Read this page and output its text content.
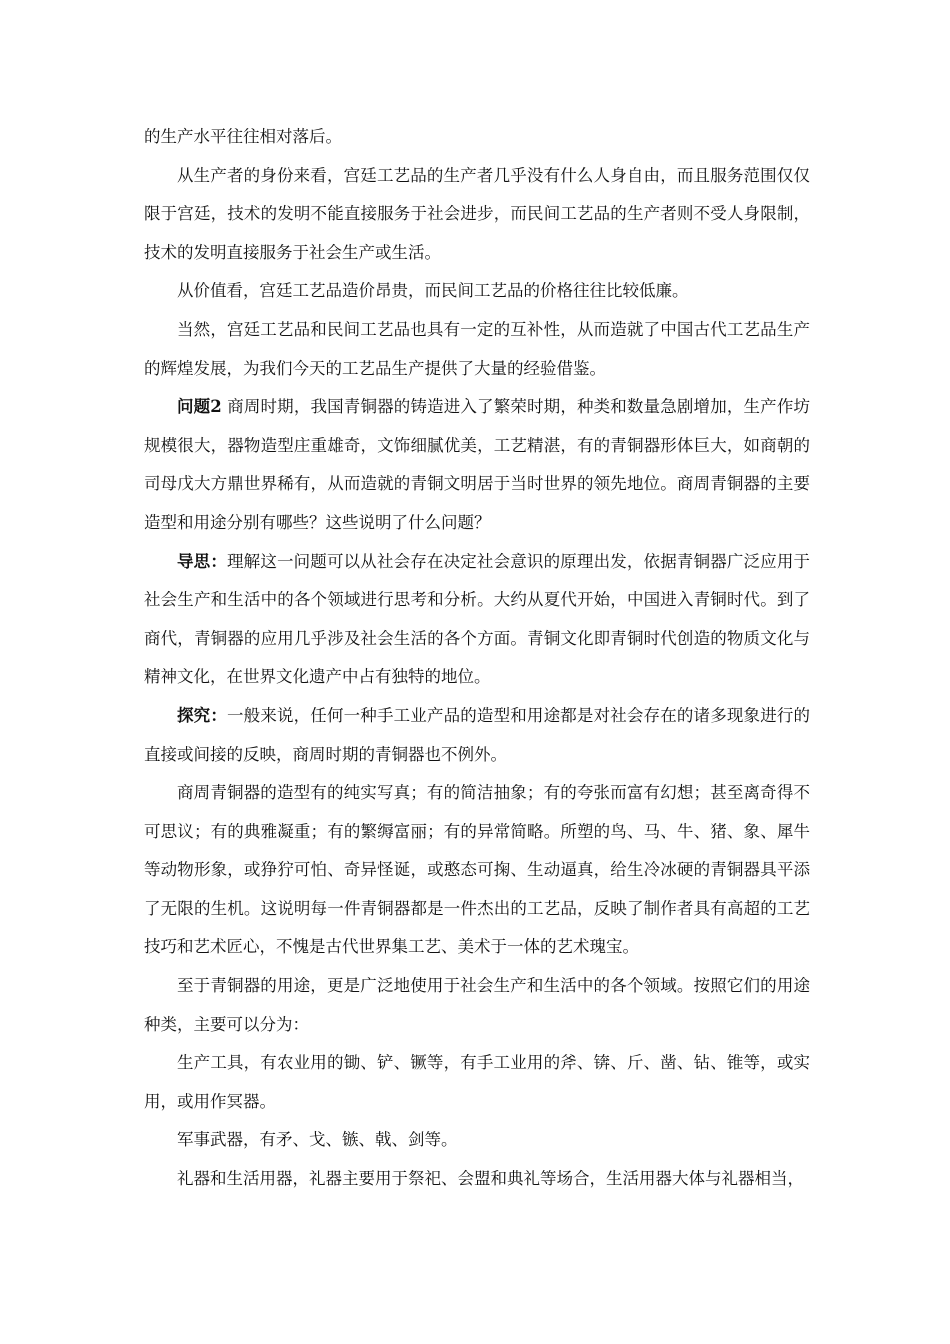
的生产水平往往相对落后。

从生产者的身份来看，宫廷工艺品的生产者几乎没有什么人身自由，而且服务范围仅仅限于宫廷，技术的发明不能直接服务于社会进步，而民间工艺品的生产者则不受人身限制，技术的发明直接服务于社会生产或生活。

从价值看，宫廷工艺品造价昂贵，而民间工艺品的价格往往比较低廉。

当然，宫廷工艺品和民间工艺品也具有一定的互补性，从而造就了中国古代工艺品生产的辉煌发展，为我们今天的工艺品生产提供了大量的经验借鉴。

问题2 商周时期，我国青铜器的铸造进入了繁荣时期，种类和数量急剧增加，生产作坊规模很大，器物造型庄重雄奇，文饰细腻优美，工艺精湛，有的青铜器形体巨大，如商朝的司母戊大方鼎世界稀有，从而造就的青铜文明居于当时世界的领先地位。商周青铜器的主要造型和用途分别有哪些？这些说明了什么问题？

导思：理解这一问题可以从社会存在决定社会意识的原理出发，依据青铜器广泛应用于社会生产和生活中的各个领域进行思考和分析。大约从夏代开始，中国进入青铜时代。到了商代，青铜器的应用几乎涉及社会生活的各个方面。青铜文化即青铜时代创造的物质文化与精神文化，在世界文化遗产中占有独特的地位。

探究：一般来说，任何一种手工业产品的造型和用途都是对社会存在的诸多现象进行的直接或间接的反映，商周时期的青铜器也不例外。

商周青铜器的造型有的纯实写真；有的简洁抽象；有的夸张而富有幻想；甚至离奇得不可思议；有的典雅凝重；有的繁缛富丽；有的异常简略。所塑的鸟、马、牛、猪、象、犀牛等动物形象，或狰狞可怕、奇异怪诞，或憨态可掬、生动逼真，给生冷冰硬的青铜器具平添了无限的生机。这说明每一件青铜器都是一件杰出的工艺品，反映了制作者具有高超的工艺技巧和艺术匠心，不愧是古代世界集工艺、美术于一体的艺术瑰宝。

至于青铜器的用途，更是广泛地使用于社会生产和生活中的各个领域。按照它们的用途种类，主要可以分为：

生产工具，有农业用的锄、铲、镢等，有手工业用的斧、锛、斤、凿、钻、锥等，或实用，或用作冥器。

军事武器，有矛、戈、镞、戟、剑等。

礼器和生活用器，礼器主要用于祭祀、会盟和典礼等场合，生活用器大体与礼器相当，
